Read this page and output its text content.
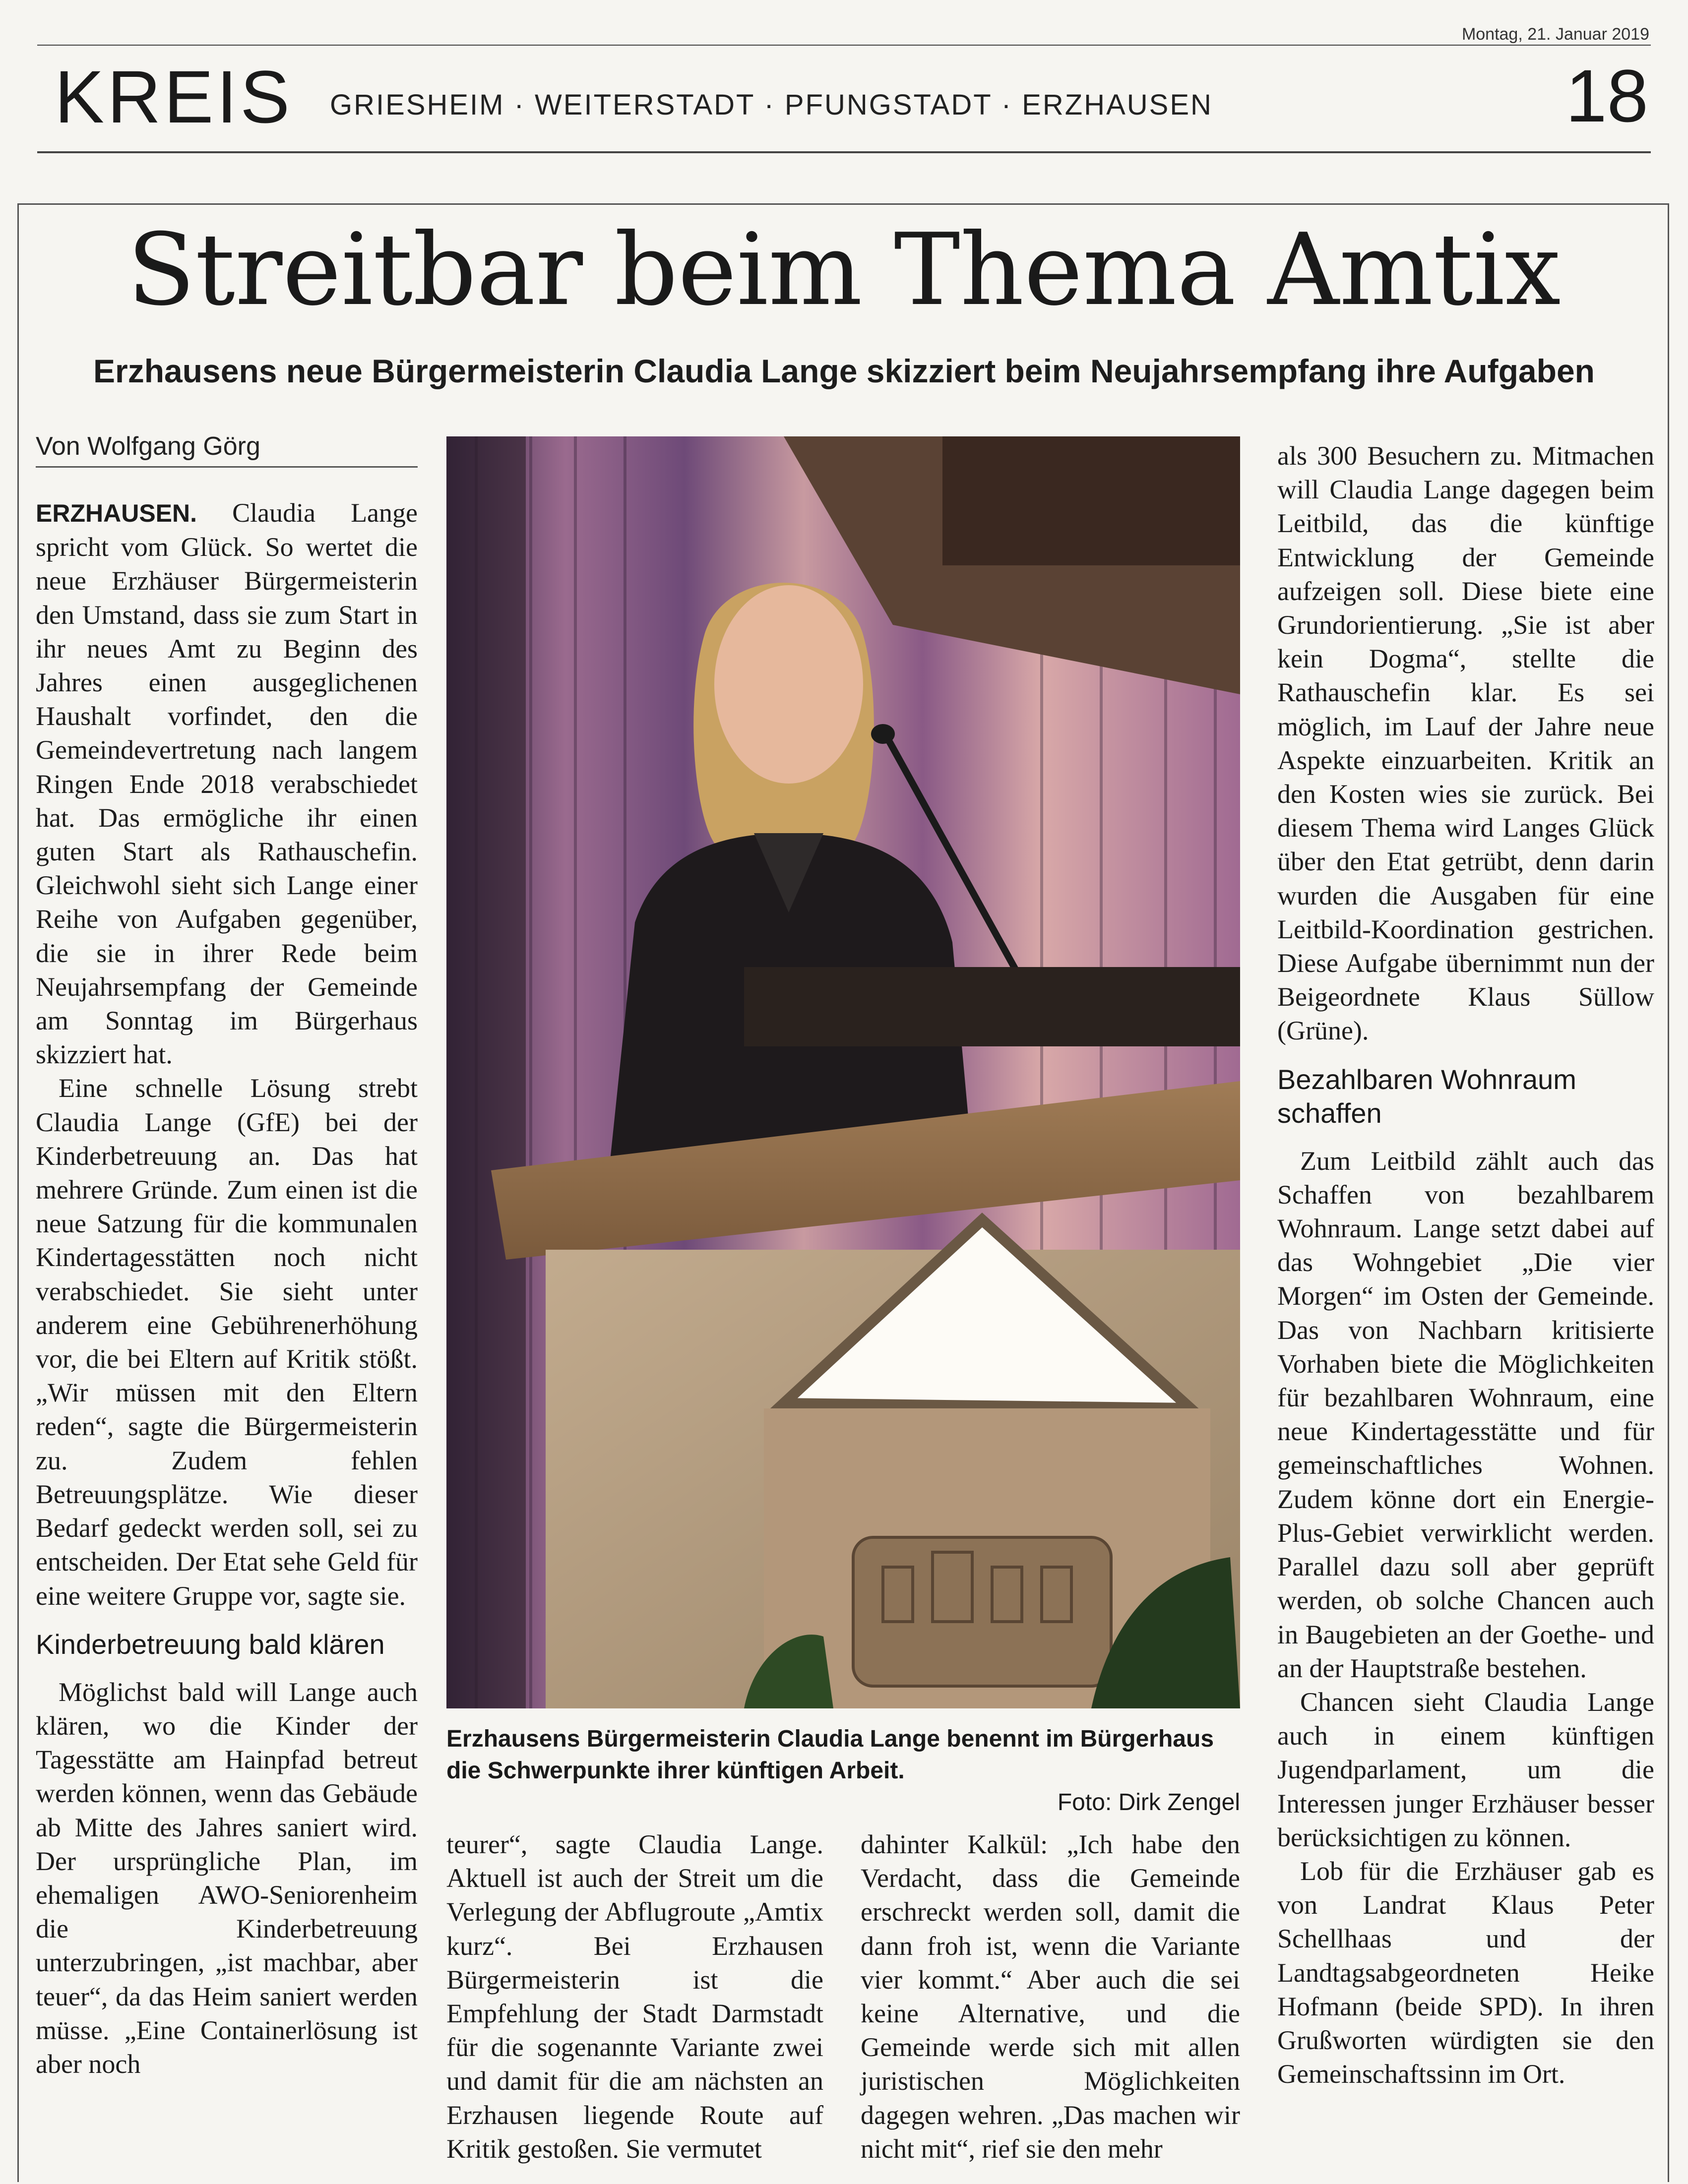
Montag, 21. Januar 2019
KREIS GRIESHEIM · WEITERSTADT · PFUNGSTADT · ERZHAUSEN	18
Streitbar beim Thema Amtix
Erzhausens neue Bürgermeisterin Claudia Lange skizziert beim Neujahrsempfang ihre Aufgaben
Von Wolfgang Görg

ERZHAUSEN. Claudia Lange spricht vom Glück. So wertet die neue Erzhäuser Bürgermeisterin den Umstand, dass sie zum Start in ihr neues Amt zu Beginn des Jahres einen ausgeglichenen Haushalt vorfindet, den die Gemeindevertretung nach langem Ringen Ende 2018 verabschiedet hat. Das ermögliche ihr einen guten Start als Rathauschefin. Gleichwohl sieht sich Lange einer Reihe von Aufgaben gegenüber, die sie in ihrer Rede beim Neujahrsempfang der Gemeinde am Sonntag im Bürgerhaus skizziert hat.

Eine schnelle Lösung strebt Claudia Lange (GfE) bei der Kinderbetreuung an. Das hat mehrere Gründe. Zum einen ist die neue Satzung für die kommunalen Kindertagesstätten noch nicht verabschiedet. Sie sieht unter anderem eine Gebührenerhöhung vor, die bei Eltern auf Kritik stößt. „Wir müssen mit den Eltern reden“, sagte die Bürgermeisterin zu. Zudem fehlen Betreuungsplätze. Wie dieser Bedarf gedeckt werden soll, sei zu entscheiden. Der Etat sehe Geld für eine weitere Gruppe vor, sagte sie.

Kinderbetreuung bald klären

Möglichst bald will Lange auch klären, wo die Kinder der Tagesstätte am Hainpfad betreut werden können, wenn das Gebäude ab Mitte des Jahres saniert wird. Der ursprüngliche Plan, im ehemaligen AWO-Seniorenheim die Kinderbetreuung unterzubringen, „ist machbar, aber teuer“, da das Heim saniert werden müsse. „Eine Containerlösung ist aber noch

Erzhausens Bürgermeisterin Claudia Lange benennt im Bürgerhaus die Schwerpunkte ihrer künftigen Arbeit.
Foto: Dirk Zengel

teurer“, sagte Claudia Lange. Aktuell ist auch der Streit um die Verlegung der Abflugroute „Amtix kurz“. Bei Erzhausen Bürgermeisterin ist die Empfehlung der Stadt Darmstadt für die sogenannte Variante zwei und damit für die am nächsten an Erzhausen liegende Route auf Kritik gestoßen. Sie vermutet

dahinter Kalkül: „Ich habe den Verdacht, dass die Gemeinde erschreckt werden soll, damit die dann froh ist, wenn die Variante vier kommt.“ Aber auch die sei keine Alternative, und die Gemeinde werde sich mit allen juristischen Möglichkeiten dagegen wehren. „Das machen wir nicht mit“, rief sie den mehr

als 300 Besuchern zu. Mitmachen will Claudia Lange dagegen beim Leitbild, das die künftige Entwicklung der Gemeinde aufzeigen soll. Diese biete eine Grundorientierung. „Sie ist aber kein Dogma“, stellte die Rathauschefin klar. Es sei möglich, im Lauf der Jahre neue Aspekte einzuarbeiten. Kritik an den Kosten wies sie zurück. Bei diesem Thema wird Langes Glück über den Etat getrübt, denn darin wurden die Ausgaben für eine Leitbild-Koordination gestrichen. Diese Aufgabe übernimmt nun der Beigeordnete Klaus Süllow (Grüne).

Bezahlbaren Wohnraum schaffen

Zum Leitbild zählt auch das Schaffen von bezahlbarem Wohnraum. Lange setzt dabei auf das Wohngebiet „Die vier Morgen“ im Osten der Gemeinde. Das von Nachbarn kritisierte Vorhaben biete die Möglichkeiten für bezahlbaren Wohnraum, eine neue Kindertagesstätte und für gemeinschaftliches Wohnen. Zudem könne dort ein Energie-Plus-Gebiet verwirklicht werden. Parallel dazu soll aber geprüft werden, ob solche Chancen auch in Baugebieten an der Goethe- und an der Hauptstraße bestehen.

Chancen sieht Claudia Lange auch in einem künftigen Jugendparlament, um die Interessen junger Erzhäuser besser berücksichtigen zu können.

Lob für die Erzhäuser gab es von Landrat Klaus Peter Schellhaas und der Landtagsabgeordneten Heike Hofmann (beide SPD). In ihren Grußworten würdigten sie den Gemeinschaftssinn im Ort.
